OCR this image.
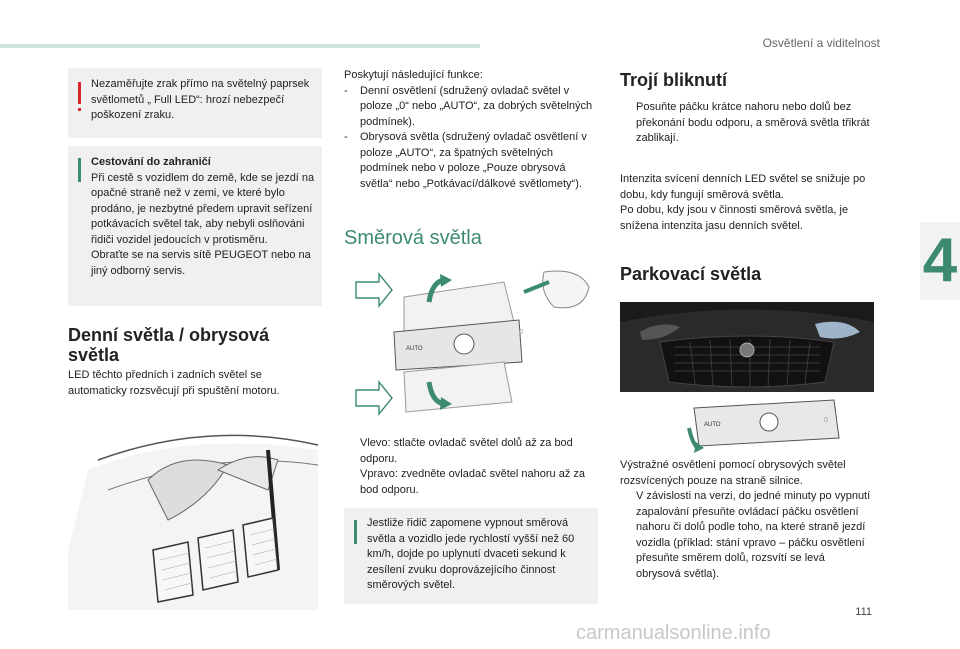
Osvětlení a viditelnost
4
Nezaměřujte zrak přímo na světelný paprsek světlometů „ Full LED“: hrozí nebezpečí poškození zraku.
Cestování do zahraničí
Při cestě s vozidlem do země, kde se jezdí na opačné straně než v zemi, ve které bylo prodáno, je nezbytné předem upravit seřízení potkávacích světel tak, aby nebyli oslňováni řidiči vozidel jedoucích v protisměru.
Obraťte se na servis sítě PEUGEOT nebo na jiný odborný servis.
Denní světla / obrysová světla
LED těchto předních i zadních světel se automaticky rozsvěcují při spuštění motoru.
Poskytují následující funkce:
- Denní osvětlení (sdružený ovladač světel v poloze „0“ nebo „AUTO“, za dobrých světelných podmínek).
- Obrysová světla (sdružený ovladač osvětlení v poloze „AUTO“, za špatných světelných podmínek nebo v poloze „Pouze obrysová světla“ nebo „Potkávací/dálkové světlomety“).
Směrová světla
AUTO
0
Vlevo: stlačte ovladač světel dolů až za bod odporu.
Vpravo: zvedněte ovladač světel nahoru až za bod odporu.
Jestliže řidič zapomene vypnout směrová světla a vozidlo jede rychlostí vyšší než 60 km/h, dojde po uplynutí dvaceti sekund k zesílení zvuku doprovázejícího činnost směrových světel.
Trojí bliknutí
Posuňte páčku krátce nahoru nebo dolů bez překonání bodu odporu, a směrová světla třikrát zablikají.
Intenzita svícení denních LED světel se snižuje po dobu, kdy fungují směrová světla.
Po dobu, kdy jsou v činnosti směrová světla, je snížena intenzita jasu denních světel.
Parkovací světla
AUTO
0
Výstražné osvětlení pomocí obrysových světel rozsvícených pouze na straně silnice.
V závislosti na verzi, do jedné minuty po vypnutí zapalování přesuňte ovládací páčku osvětlení nahoru či dolů podle toho, na které straně jezdí vozidla (příklad: stání vpravo – páčku osvětlení přesuňte směrem dolů, rozsvítí se levá obrysová světla).
111
carmanualsonline.info
